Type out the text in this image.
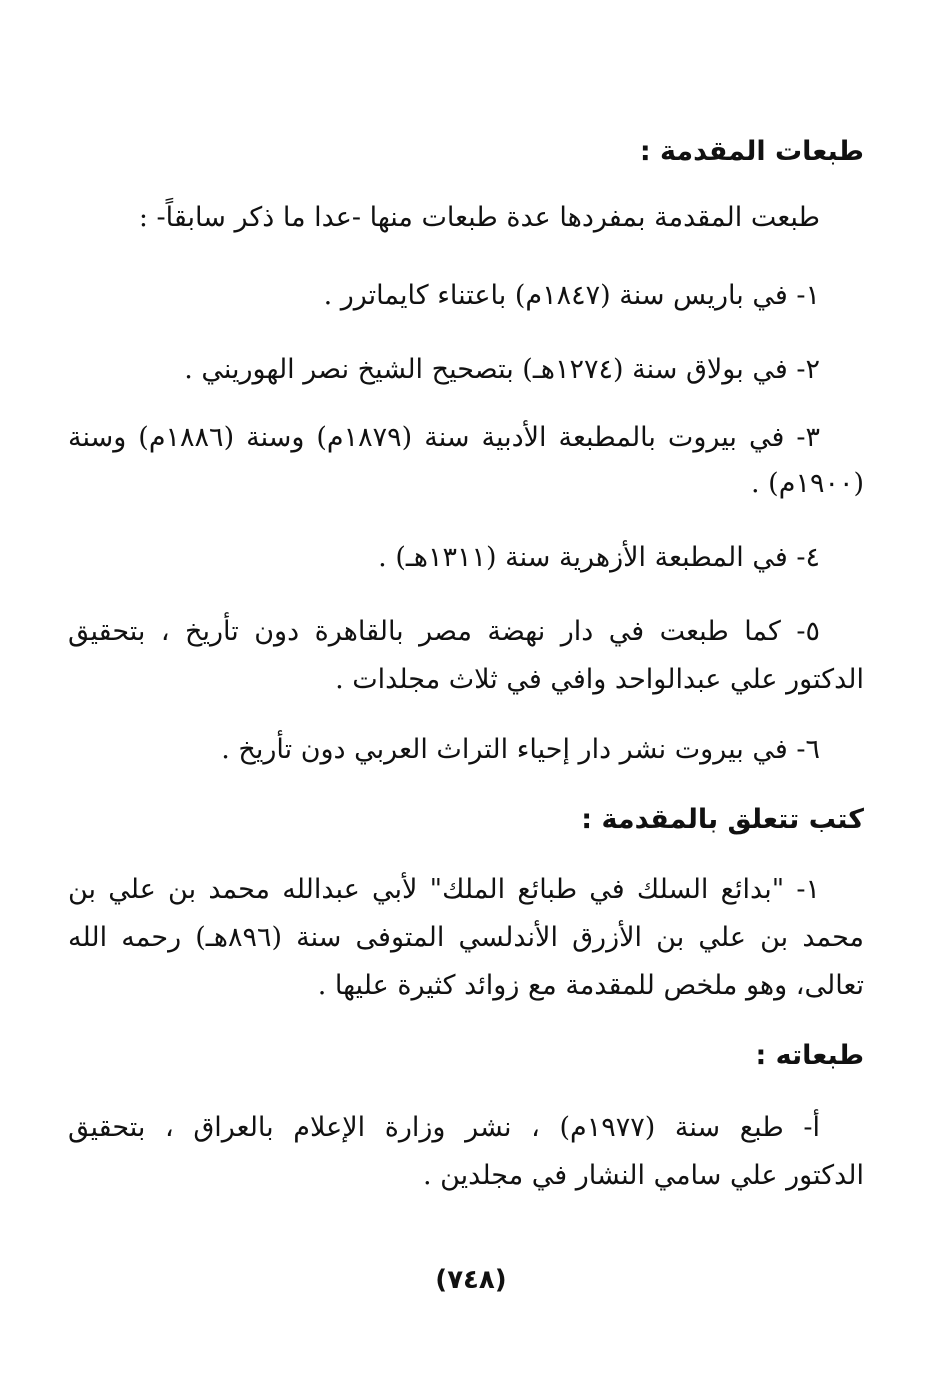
طبعات المقدمة :
طبعت المقدمة بمفردها عدة طبعات منها -عدا ما ذكر سابقاً- :
١- في باريس سنة (١٨٤٧م) باعتناء كايماترر .
٢- في بولاق سنة (١٢٧٤هـ) بتصحيح الشيخ نصر الهوريني .
٣- في بيروت بالمطبعة الأدبية سنة (١٨٧٩م) وسنة (١٨٨٦م) وسنة
(١٩٠٠م) .
٤- في المطبعة الأزهرية سنة (١٣١١هـ) .
٥- كما طبعت في دار نهضة مصر بالقاهرة دون تأريخ ، بتحقيق
الدكتور علي عبدالواحد وافي في ثلاث مجلدات .
٦- في بيروت نشر دار إحياء التراث العربي دون تأريخ .
كتب تتعلق بالمقدمة :
١- "بدائع السلك في طبائع الملك" لأبي عبدالله محمد بن علي بن
محمد بن علي بن الأزرق الأندلسي المتوفى سنة (٨٩٦هـ) رحمه الله
تعالى، وهو ملخص للمقدمة مع زوائد كثيرة عليها .
طبعاته :
أ- طبع سنة (١٩٧٧م) ، نشر وزارة الإعلام بالعراق ، بتحقيق
الدكتور علي سامي النشار في مجلدين .
(٧٤٨)
